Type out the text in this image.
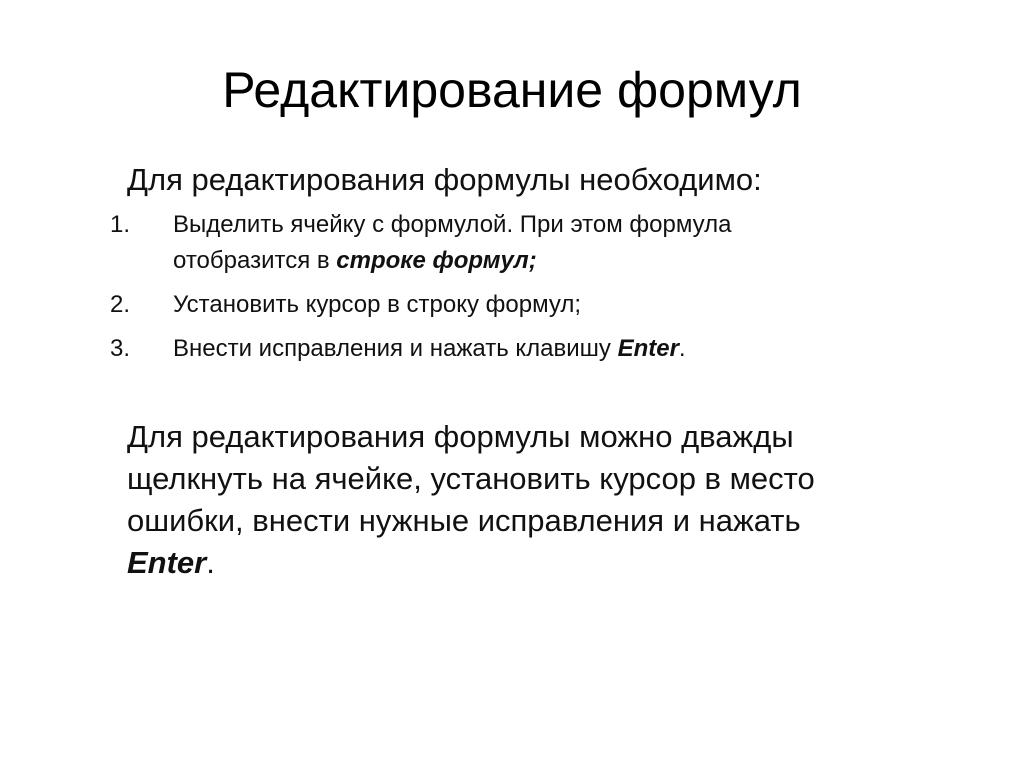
Редактирование формул
Для редактирования формулы необходимо:
1.	Выделить ячейку с формулой. При этом формула
отобразится в строке формул;
2.	Установить курсор в строку формул;
3.	Внести исправления и нажать клавишу Enter.
Для редактирования формулы можно дважды
щелкнуть на ячейке, установить курсор в место
ошибки, внести нужные исправления и нажать
Enter.
